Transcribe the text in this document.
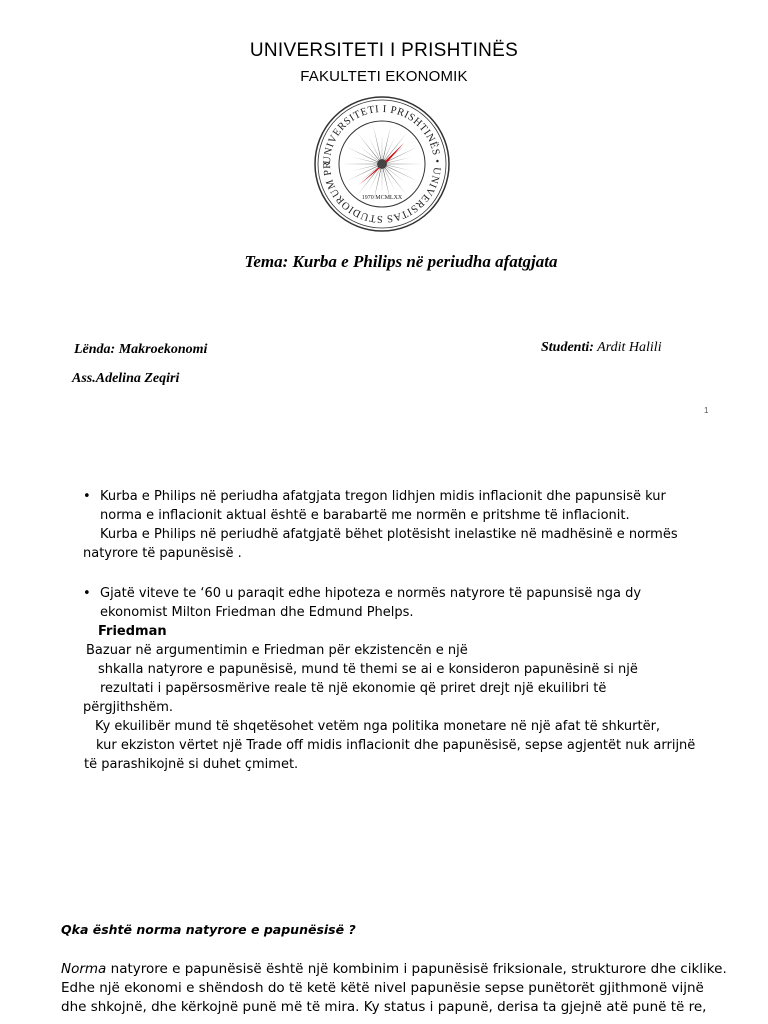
UNIVERSITETI I PRISHTINËS
FAKULTETI EKONOMIK
UNIVERSITETI I PRISHTINËS • UNIVERSITAS STUDIORUM PR
1970 MCMLXX
Tema: Kurba e Philips në periudha afatgjata
Lënda: Makroekonomi
Ass.Adelina Zeqiri
Studenti: Ardit Halili
1
• Kurba e Philips në periudha afatgjata tregon lidhjen midis inflacionit dhe papunsisë kur
norma e inflacionit aktual është e barabartë me normën e pritshme të inflacionit.
Kurba e Philips në periudhë afatgjatë bëhet plotësisht inelastike në madhësinë e normës
natyrore të papunësisë .
• Gjatë viteve te ‘60 u paraqit edhe hipoteza e normës natyrore të papunsisë nga dy
ekonomist Milton Friedman dhe Edmund Phelps.
Friedman
Bazuar në argumentimin e Friedman për ekzistencën e një
shkalla natyrore e papunësisë, mund të themi se ai e konsideron papunësinë si një
rezultati i papërsosmërive reale të një ekonomie që priret drejt një ekuilibri të
përgjithshëm.
Ky ekuilibër mund të shqetësohet vetëm nga politika monetare në një afat të shkurtër,
kur ekziston vërtet një Trade off midis inflacionit dhe papunësisë, sepse agjentët nuk arrijnë
të parashikojnë si duhet çmimet.
Qka është norma natyrore e papunësisë ?
Norma natyrore e papunësisë është një kombinim i papunësisë friksionale, strukturore dhe ciklike.
Edhe një ekonomi e shëndosh do të ketë këtë nivel papunësie sepse punëtorët gjithmonë vijnë
dhe shkojnë, dhe kërkojnë punë më të mira. Ky status i papunë, derisa ta gjejnë atë punë të re,
